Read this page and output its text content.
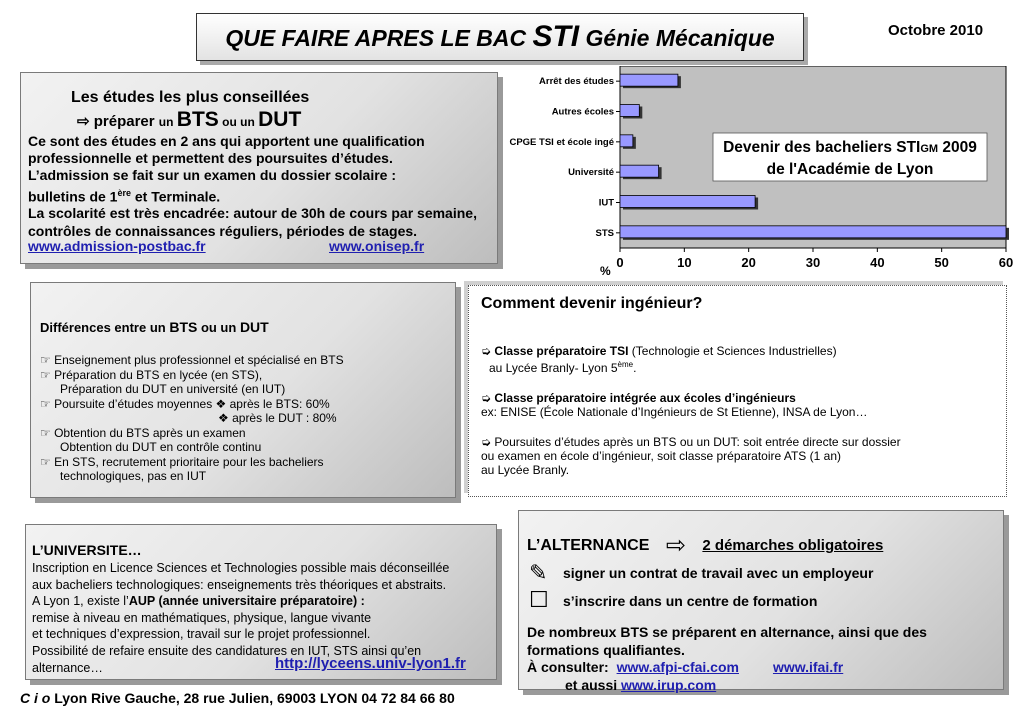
QUE FAIRE APRES LE BAC STI Génie Mécanique	Octobre 2010
Les études les plus conseillées
⇨ préparer un BTS ou un DUT
Ce sont des études en 2 ans qui apportent une qualification
professionnelle et permettent des poursuites d’études.
L’admission se fait sur un examen du dossier scolaire :
bulletins de 1ère et Terminale.
La scolarité est très encadrée: autour de 30h de cours par semaine,
contrôles de connaissances réguliers, périodes de stages.
www.admission-postbac.fr	www.onisep.fr
Arrêt des études
Autres écoles
CPGE TSI et école ingé
Université
IUT
STS
0	10	20	30	40	50	60
%
Devenir des bacheliers STIGM 2009
de l'Académie de Lyon
Différences entre un BTS ou un DUT
☞ Enseignement plus professionnel et spécialisé en BTS
☞ Préparation du BTS en lycée (en STS),
Préparation du DUT en université (en IUT)
☞ Poursuite d’études moyennes ❖ après le BTS: 60%
❖ après le DUT : 80%
☞ Obtention du BTS après un examen
Obtention du DUT en contrôle continu
☞ En STS, recrutement prioritaire pour les bacheliers
technologiques, pas en IUT
Comment devenir ingénieur?
➭ Classe préparatoire TSI (Technologie et Sciences Industrielles)
au Lycée Branly- Lyon 5ème.
➭ Classe préparatoire intégrée aux écoles d’ingénieurs
ex: ENISE (École Nationale d’Ingénieurs de St Etienne), INSA de Lyon…
➭ Poursuites d’études après un BTS ou un DUT: soit entrée directe sur dossier
ou examen en école d’ingénieur, soit classe préparatoire ATS (1 an)
au Lycée Branly.
L’UNIVERSITE…
Inscription en Licence Sciences et Technologies possible mais déconseillée
aux bacheliers technologiques: enseignements très théoriques et abstraits.
A Lyon 1, existe l’AUP (année universitaire préparatoire) :
remise à niveau en mathématiques, physique, langue vivante
et techniques d’expression, travail sur le projet professionnel.
Possibilité de refaire ensuite des candidatures en IUT, STS ainsi qu’en
alternance…	http://lyceens.univ-lyon1.fr
L’ALTERNANCE ⇨ 2 démarches obligatoires
✎ signer un contrat de travail avec un employeur
☐ s’inscrire dans un centre de formation
De nombreux BTS se préparent en alternance, ainsi que des
formations qualifiantes.
À consulter: www.afpi-cfai.com www.ifai.fr
et aussi www.irup.com
C i o Lyon Rive Gauche, 28 rue Julien, 69003 LYON 04 72 84 66 80
